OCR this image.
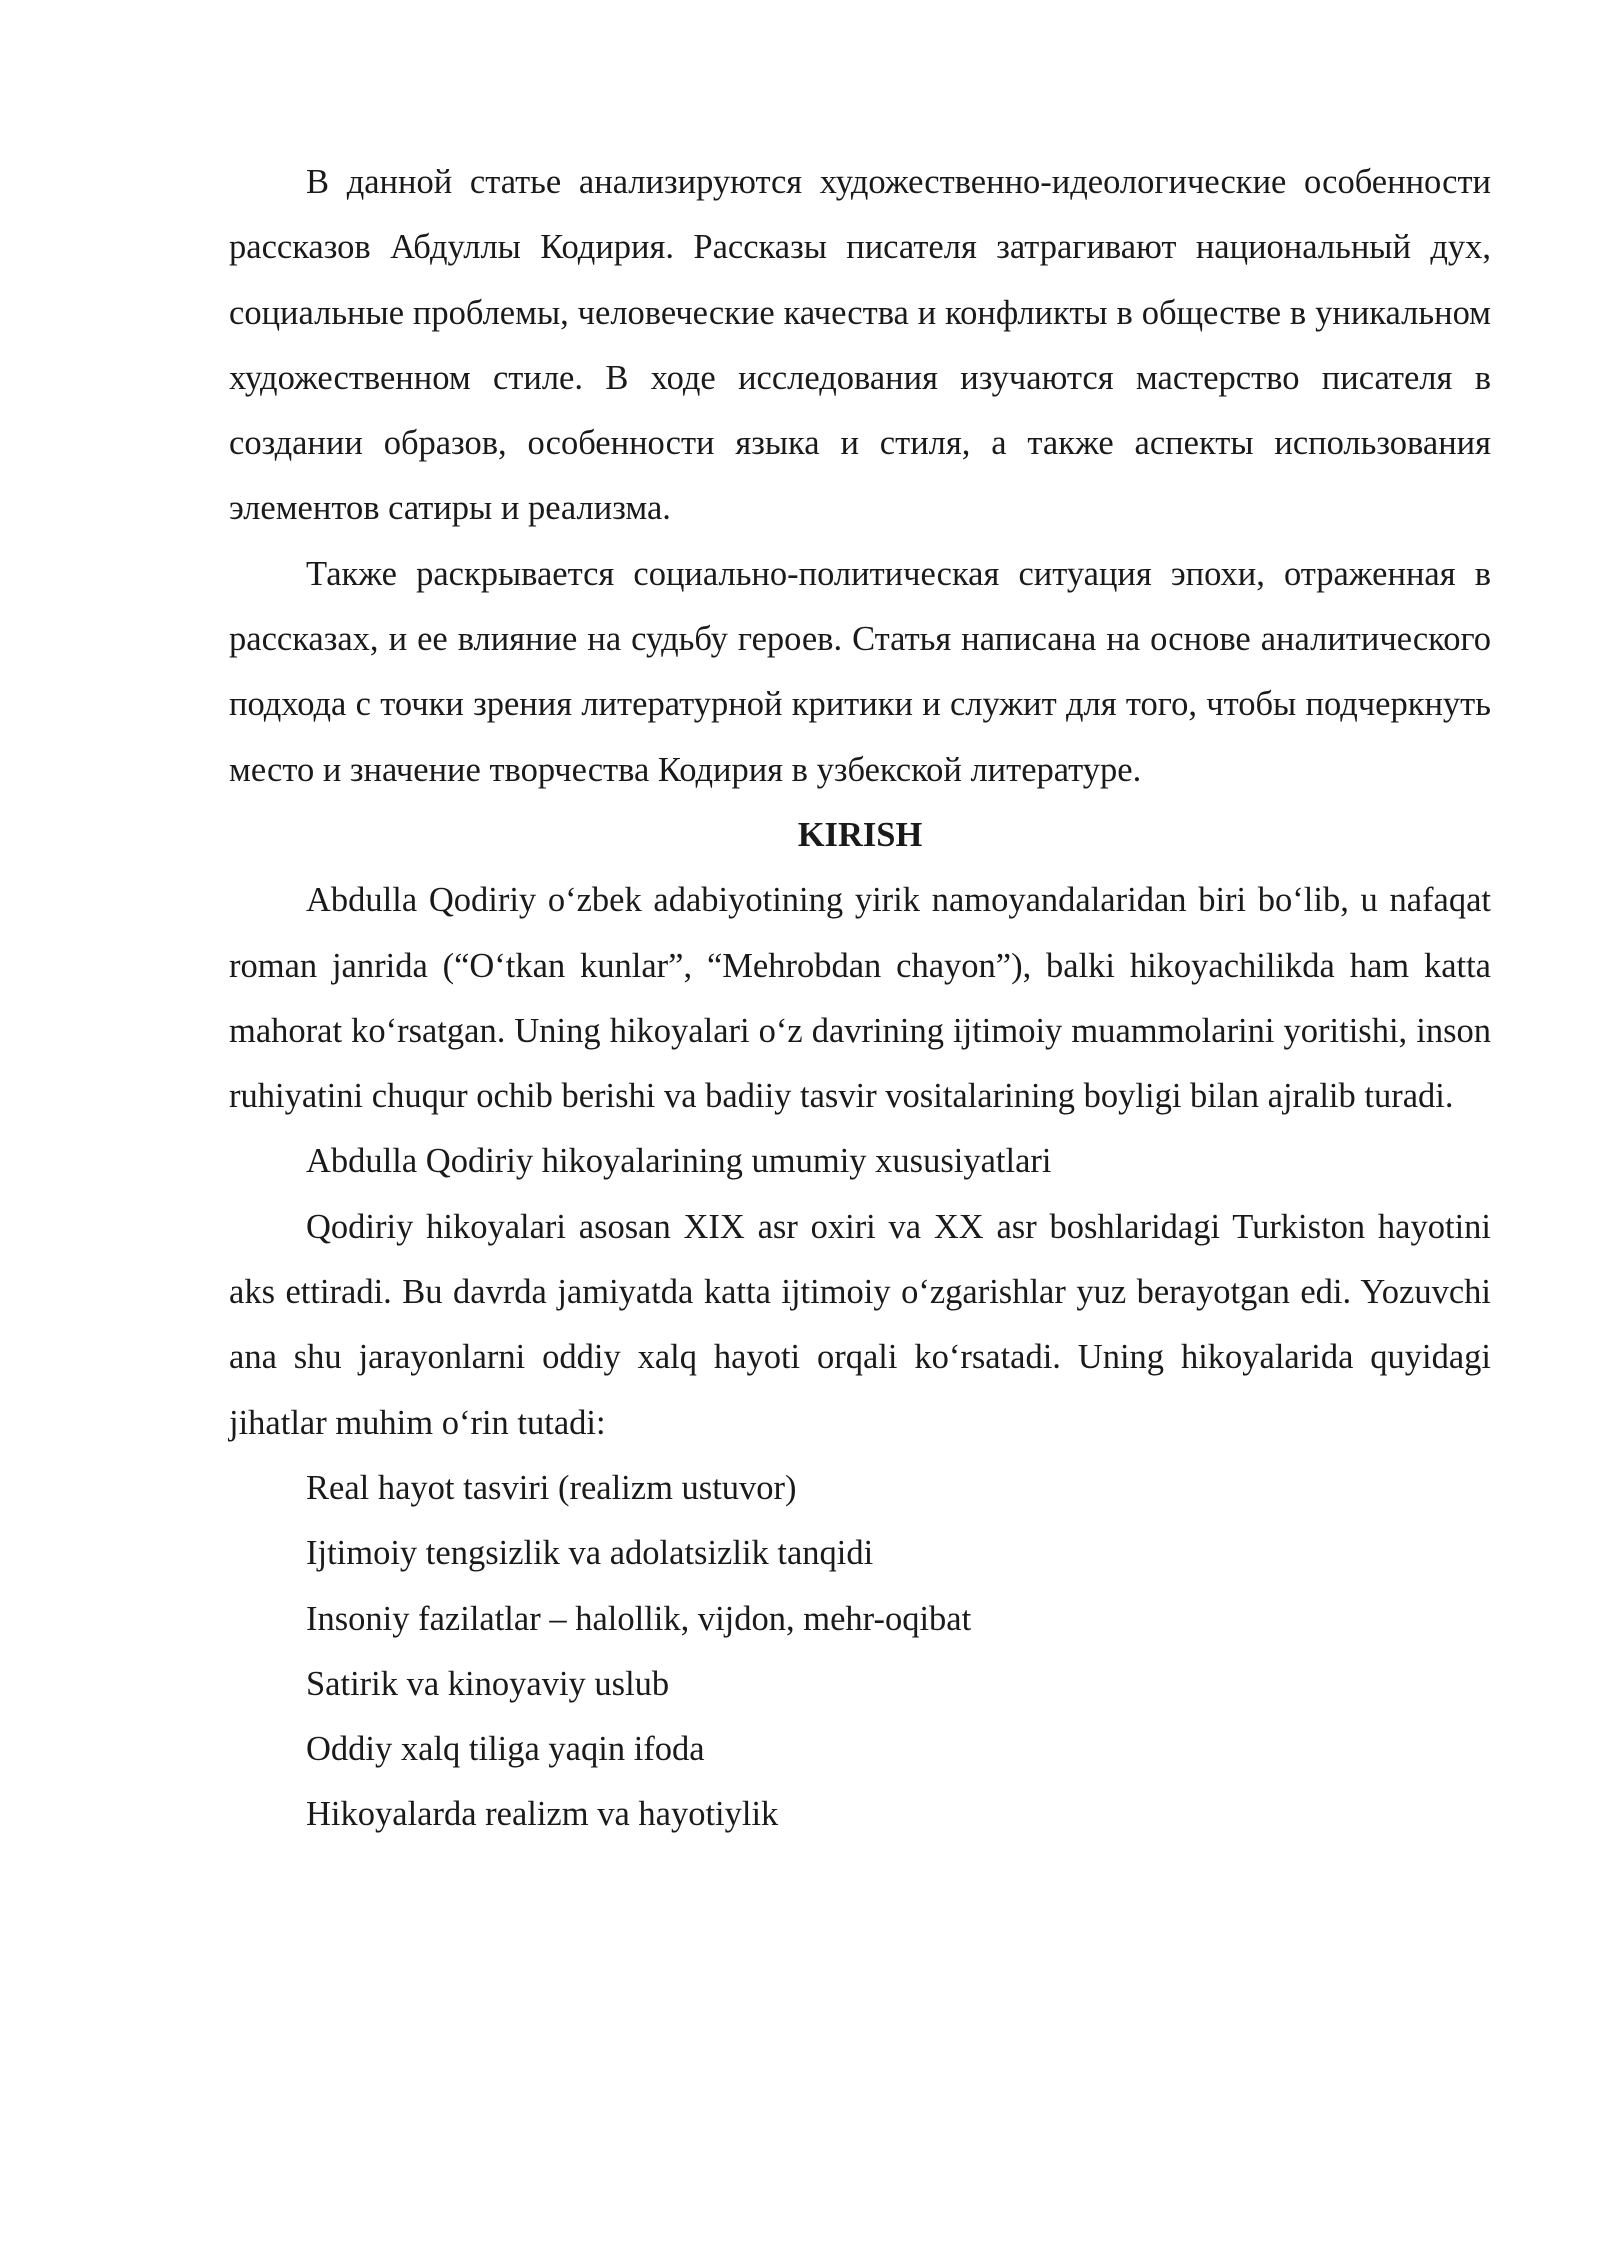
В данной статье анализируются художественно-идеологические особенности рассказов Абдуллы Кодирия. Рассказы писателя затрагивают национальный дух, социальные проблемы, человеческие качества и конфликты в обществе в уникальном художественном стиле. В ходе исследования изучаются мастерство писателя в создании образов, особенности языка и стиля, а также аспекты использования элементов сатиры и реализма.

Также раскрывается социально-политическая ситуация эпохи, отраженная в рассказах, и ее влияние на судьбу героев. Статья написана на основе аналитического подхода с точки зрения литературной критики и служит для того, чтобы подчеркнуть место и значение творчества Кодирия в узбекской литературе.

KIRISH

Abdulla Qodiriy oʻzbek adabiyotining yirik namoyandalaridan biri boʻlib, u nafaqat roman janrida (“Oʻtkan kunlar”, “Mehrobdan chayon”), balki hikoyachilikda ham katta mahorat koʻrsatgan. Uning hikoyalari oʻz davrining ijtimoiy muammolarini yoritishi, inson ruhiyatini chuqur ochib berishi va badiiy tasvir vositalarining boyligi bilan ajralib turadi.

Abdulla Qodiriy hikoyalarining umumiy xususiyatlari

Qodiriy hikoyalari asosan XIX asr oxiri va XX asr boshlaridagi Turkiston hayotini aks ettiradi. Bu davrda jamiyatda katta ijtimoiy oʻzgarishlar yuz berayotgan edi. Yozuvchi ana shu jarayonlarni oddiy xalq hayoti orqali koʻrsatadi. Uning hikoyalarida quyidagi jihatlar muhim oʻrin tutadi:

Real hayot tasviri (realizm ustuvor)

Ijtimoiy tengsizlik va adolatsizlik tanqidi

Insoniy fazilatlar – halollik, vijdon, mehr-oqibat

Satirik va kinoyaviy uslub

Oddiy xalq tiliga yaqin ifoda

Hikoyalarda realizm va hayotiylik
